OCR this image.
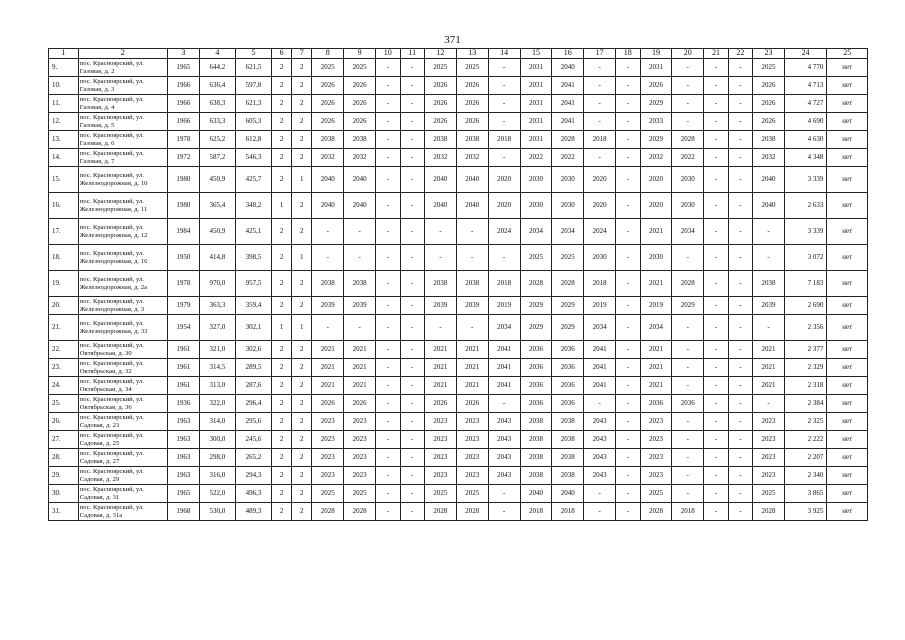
371
1	2	3	4	5	6	7	8	9	10	11	12	13	14	15	16	17	18	19	20	21	22	23	24	25
9.	пос. Красноярский, ул. Газовая, д. 2	1965	644,2	621,5	2	2	2025	2025	-	-	2025	2025	-	2031	2040	-	-	2031	-	-	-	2025	4 770	нет
10.	пос. Красноярский, ул. Газовая, д. 3	1966	636,4	597,8	2	2	2026	2026	-	-	2026	2026	-	2031	2041	-	-	2026	-	-	-	2026	4 713	нет
11.	пос. Красноярский, ул. Газовая, д. 4	1966	638,3	621,3	2	2	2026	2026	-	-	2026	2026	-	2031	2041	-	-	2029	-	-	-	2026	4 727	нет
12.	пос. Красноярский, ул. Газовая, д. 5	1966	633,3	605,3	2	2	2026	2026	-	-	2026	2026	-	2031	2041	-	-	2033	-	-	-	2026	4 690	нет
13.	пос. Красноярский, ул. Газовая, д. 6	1978	625,2	612,8	2	2	2038	2038	-	-	2038	2038	2018	2031	2028	2018	-	2029	2028	-	-	2038	4 630	нет
14.	пос. Красноярский, ул. Газовая, д. 7	1972	587,2	546,3	2	2	2032	2032	-	-	2032	2032	-	2022	2022	-	-	2032	2022	-	-	2032	4 348	нет
15.	пос. Красноярский, ул. Железнодорожная, д. 10	1980	450,9	425,7	2	1	2040	2040	-	-	2040	2040	2020	2030	2030	2020	-	2020	2030	-	-	2040	3 339	нет
16.	пос. Красноярский, ул. Железнодорожная, д. 11	1980	365,4	348,2	1	2	2040	2040	-	-	2040	2040	2020	2030	2030	2020	-	2020	2030	-	-	2040	2 633	нет
17.	пос. Красноярский, ул. Железнодорожная, д. 12	1984	450,9	425,1	2	2	-	-	-	-	-	-	2024	2034	2034	2024	-	2021	2034	-	-	-	3 339	нет
18.	пос. Красноярский, ул. Железнодорожная, д. 16	1950	414,8	398,5	2	1	-	-	-	-	-	-	-	2025	2025	2030	-	2030	-	-	-	-	3 072	нет
19.	пос. Красноярский, ул. Железнодорожная, д. 2а	1978	970,0	957,5	2	2	2038	2038	-	-	2038	2038	2018	2028	2028	2018	-	2021	2028	-	-	2038	7 183	нет
20.	пос. Красноярский, ул. Железнодорожная, д. 3	1979	363,3	359,4	2	2	2039	2039	-	-	2039	2039	2019	2029	2029	2019	-	2019	2029	-	-	2039	2 690	нет
21.	пос. Красноярский, ул. Железнодорожная, д. 33	1954	327,0	302,1	1	1	-	-	-	-	-	-	2034	2029	2029	2034	-	2034	-	-	-	-	2 356	нет
22.	пос. Красноярский, ул. Октябрьская, д. 30	1961	321,0	302,6	2	2	2021	2021	-	-	2021	2021	2041	2036	2036	2041	-	2021	-	-	-	2021	2 377	нет
23.	пос. Красноярский, ул. Октябрьская, д. 32	1961	314,5	289,5	2	2	2021	2021	-	-	2021	2021	2041	2036	2036	2041	-	2021	-	-	-	2021	2 329	нет
24.	пос. Красноярский, ул. Октябрьская, д. 34	1961	313,0	287,6	2	2	2021	2021	-	-	2021	2021	2041	2036	2036	2041	-	2021	-	-	-	2021	2 318	нет
25.	пос. Красноярский, ул. Октябрьская, д. 36	1936	322,0	296,4	2	2	2026	2026	-	-	2026	2026	-	2036	2036	-	-	2036	2036	-	-	-	2 384	нет
26.	пос. Красноярский, ул. Садовая, д. 23	1963	314,0	295,6	2	2	2023	2023	-	-	2023	2023	2043	2038	2038	2043	-	2023	-	-	-	2023	2 325	нет
27.	пос. Красноярский, ул. Садовая, д. 25	1963	300,0	245,6	2	2	2023	2023	-	-	2023	2023	2043	2038	2038	2043	-	2023	-	-	-	2023	2 222	нет
28.	пос. Красноярский, ул. Садовая, д. 27	1963	298,0	265,2	2	2	2023	2023	-	-	2023	2023	2043	2038	2038	2043	-	2023	-	-	-	2023	2 207	нет
29.	пос. Красноярский, ул. Садовая, д. 29	1963	316,0	294,3	2	2	2023	2023	-	-	2023	2023	2043	2038	2038	2043	-	2023	-	-	-	2023	2 340	нет
30.	пос. Красноярский, ул. Садовая, д. 31	1965	522,0	496,3	2	2	2025	2025	-	-	2025	2025	-	2040	2040	-	-	2025	-	-	-	2025	3 865	нет
31.	пос. Красноярский, ул. Садовая, д. 31а	1968	530,0	489,3	2	2	2028	2028	-	-	2028	2028	-	2018	2018	-	-	2028	2018	-	-	2028	3 925	нет
